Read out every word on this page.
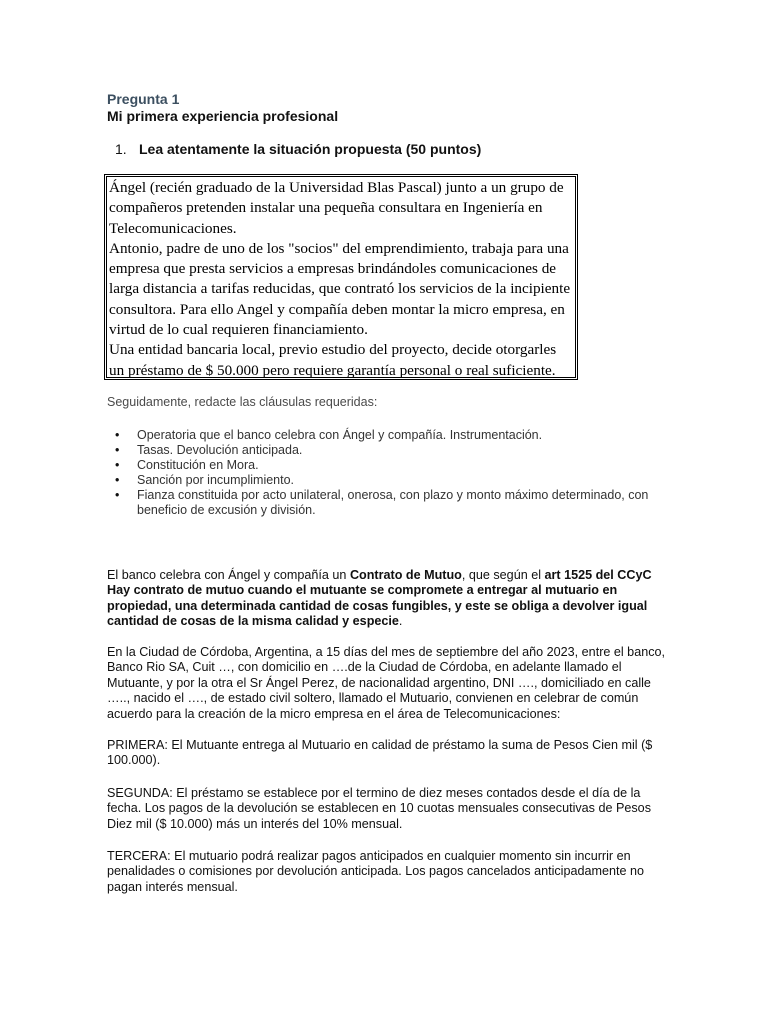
Pregunta 1
Mi primera experiencia profesional
1. Lea atentamente la situación propuesta (50 puntos)

Ángel (recién graduado de la Universidad Blas Pascal) junto a un grupo de compañeros pretenden instalar una pequeña consultara en Ingeniería en Telecomunicaciones.

Antonio, padre de uno de los "socios" del emprendimiento, trabaja para una empresa que presta servicios a empresas brindándoles comunicaciones de larga distancia a tarifas reducidas, que contrató los servicios de la incipiente consultora. Para ello Angel y compañía deben montar la micro empresa, en virtud de lo cual requieren financiamiento.

Una entidad bancaria local, previo estudio del proyecto, decide otorgarles un préstamo de $ 50.000 pero requiere garantía personal o real suficiente.

Seguidamente, redacte las cláusulas requeridas:
• Operatoria que el banco celebra con Ángel y compañía. Instrumentación.
• Tasas. Devolución anticipada.
• Constitución en Mora.
• Sanción por incumplimiento.
• Fianza constituida por acto unilateral, onerosa, con plazo y monto máximo determinado, con beneficio de excusión y división.

El banco celebra con Ángel y compañía un Contrato de Mutuo, que según el art 1525 del CCyC Hay contrato de mutuo cuando el mutuante se compromete a entregar al mutuario en propiedad, una determinada cantidad de cosas fungibles, y este se obliga a devolver igual cantidad de cosas de la misma calidad y especie.

En la Ciudad de Córdoba, Argentina, a 15 días del mes de septiembre del año 2023, entre el banco, Banco Rio SA, Cuit …, con domicilio en ….de la Ciudad de Córdoba, en adelante llamado el Mutuante, y por la otra el Sr Ángel Perez, de nacionalidad argentino, DNI …., domiciliado en calle ….., nacido el …., de estado civil soltero, llamado el Mutuario, convienen en celebrar de común acuerdo para la creación de la micro empresa en el área de Telecomunicaciones:

PRIMERA: El Mutuante entrega al Mutuario en calidad de préstamo la suma de Pesos Cien mil ($ 100.000).

SEGUNDA: El préstamo se establece por el termino de diez meses contados desde el día de la fecha. Los pagos de la devolución se establecen en 10 cuotas mensuales consecutivas de Pesos Diez mil ($ 10.000) más un interés del 10% mensual.

TERCERA: El mutuario podrá realizar pagos anticipados en cualquier momento sin incurrir en penalidades o comisiones por devolución anticipada. Los pagos cancelados anticipadamente no pagan interés mensual.
